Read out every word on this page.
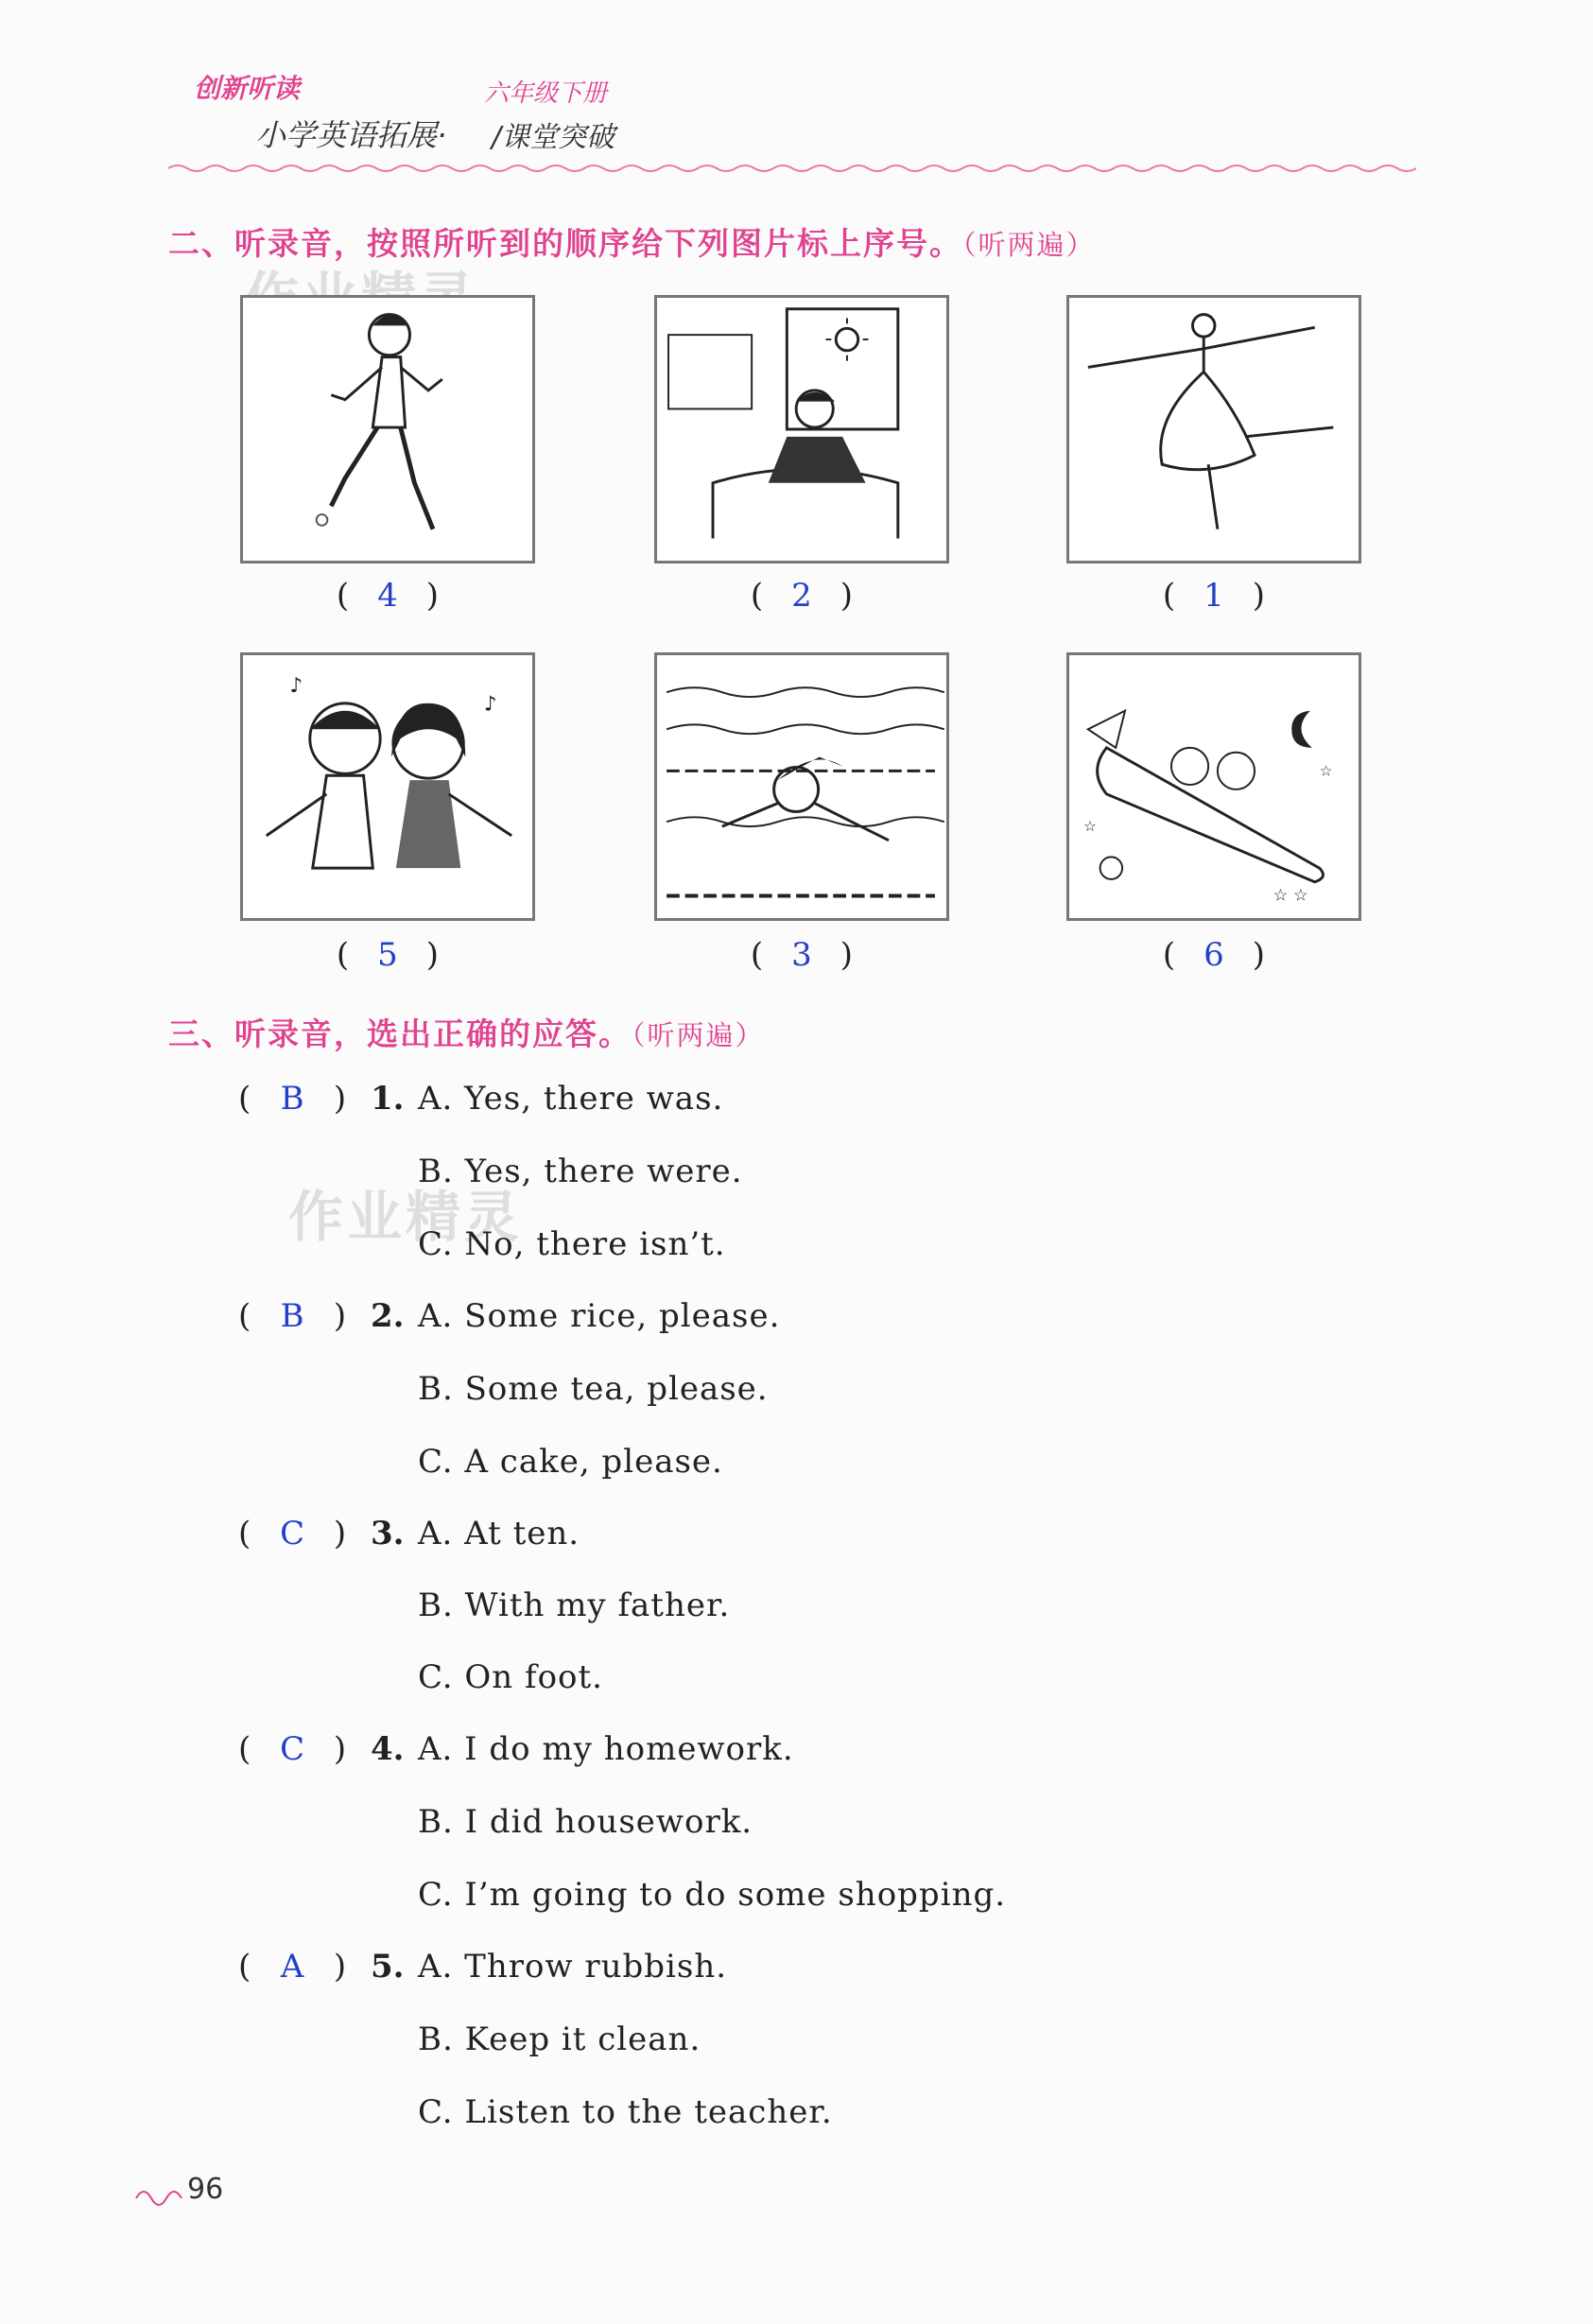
创新听读	六年级下册
小学英语拓展· /课堂突破
二、听录音，按照所听到的顺序给下列图片标上序号。（听两遍）
( 4 )	( 2 )	( 1 )
♪
♪
( 5 )	( 3 )
☆ ☆
☆
☆
( 6 )
三、听录音，选出正确的应答。（听两遍）
作业精灵
( B ) 1. A. Yes, there was.
B. Yes, there were.
C. No, there isn’t.
( B ) 2. A. Some rice, please.
B. Some tea, please.
C. A cake, please.
( C ) 3. A. At ten.
B. With my father.
C. On foot.
( C ) 4. A. I do my homework.
B. I did housework.
C. I’m going to do some shopping.
( A ) 5. A. Throw rubbish.
B. Keep it clean.
C. Listen to the teacher.
96
